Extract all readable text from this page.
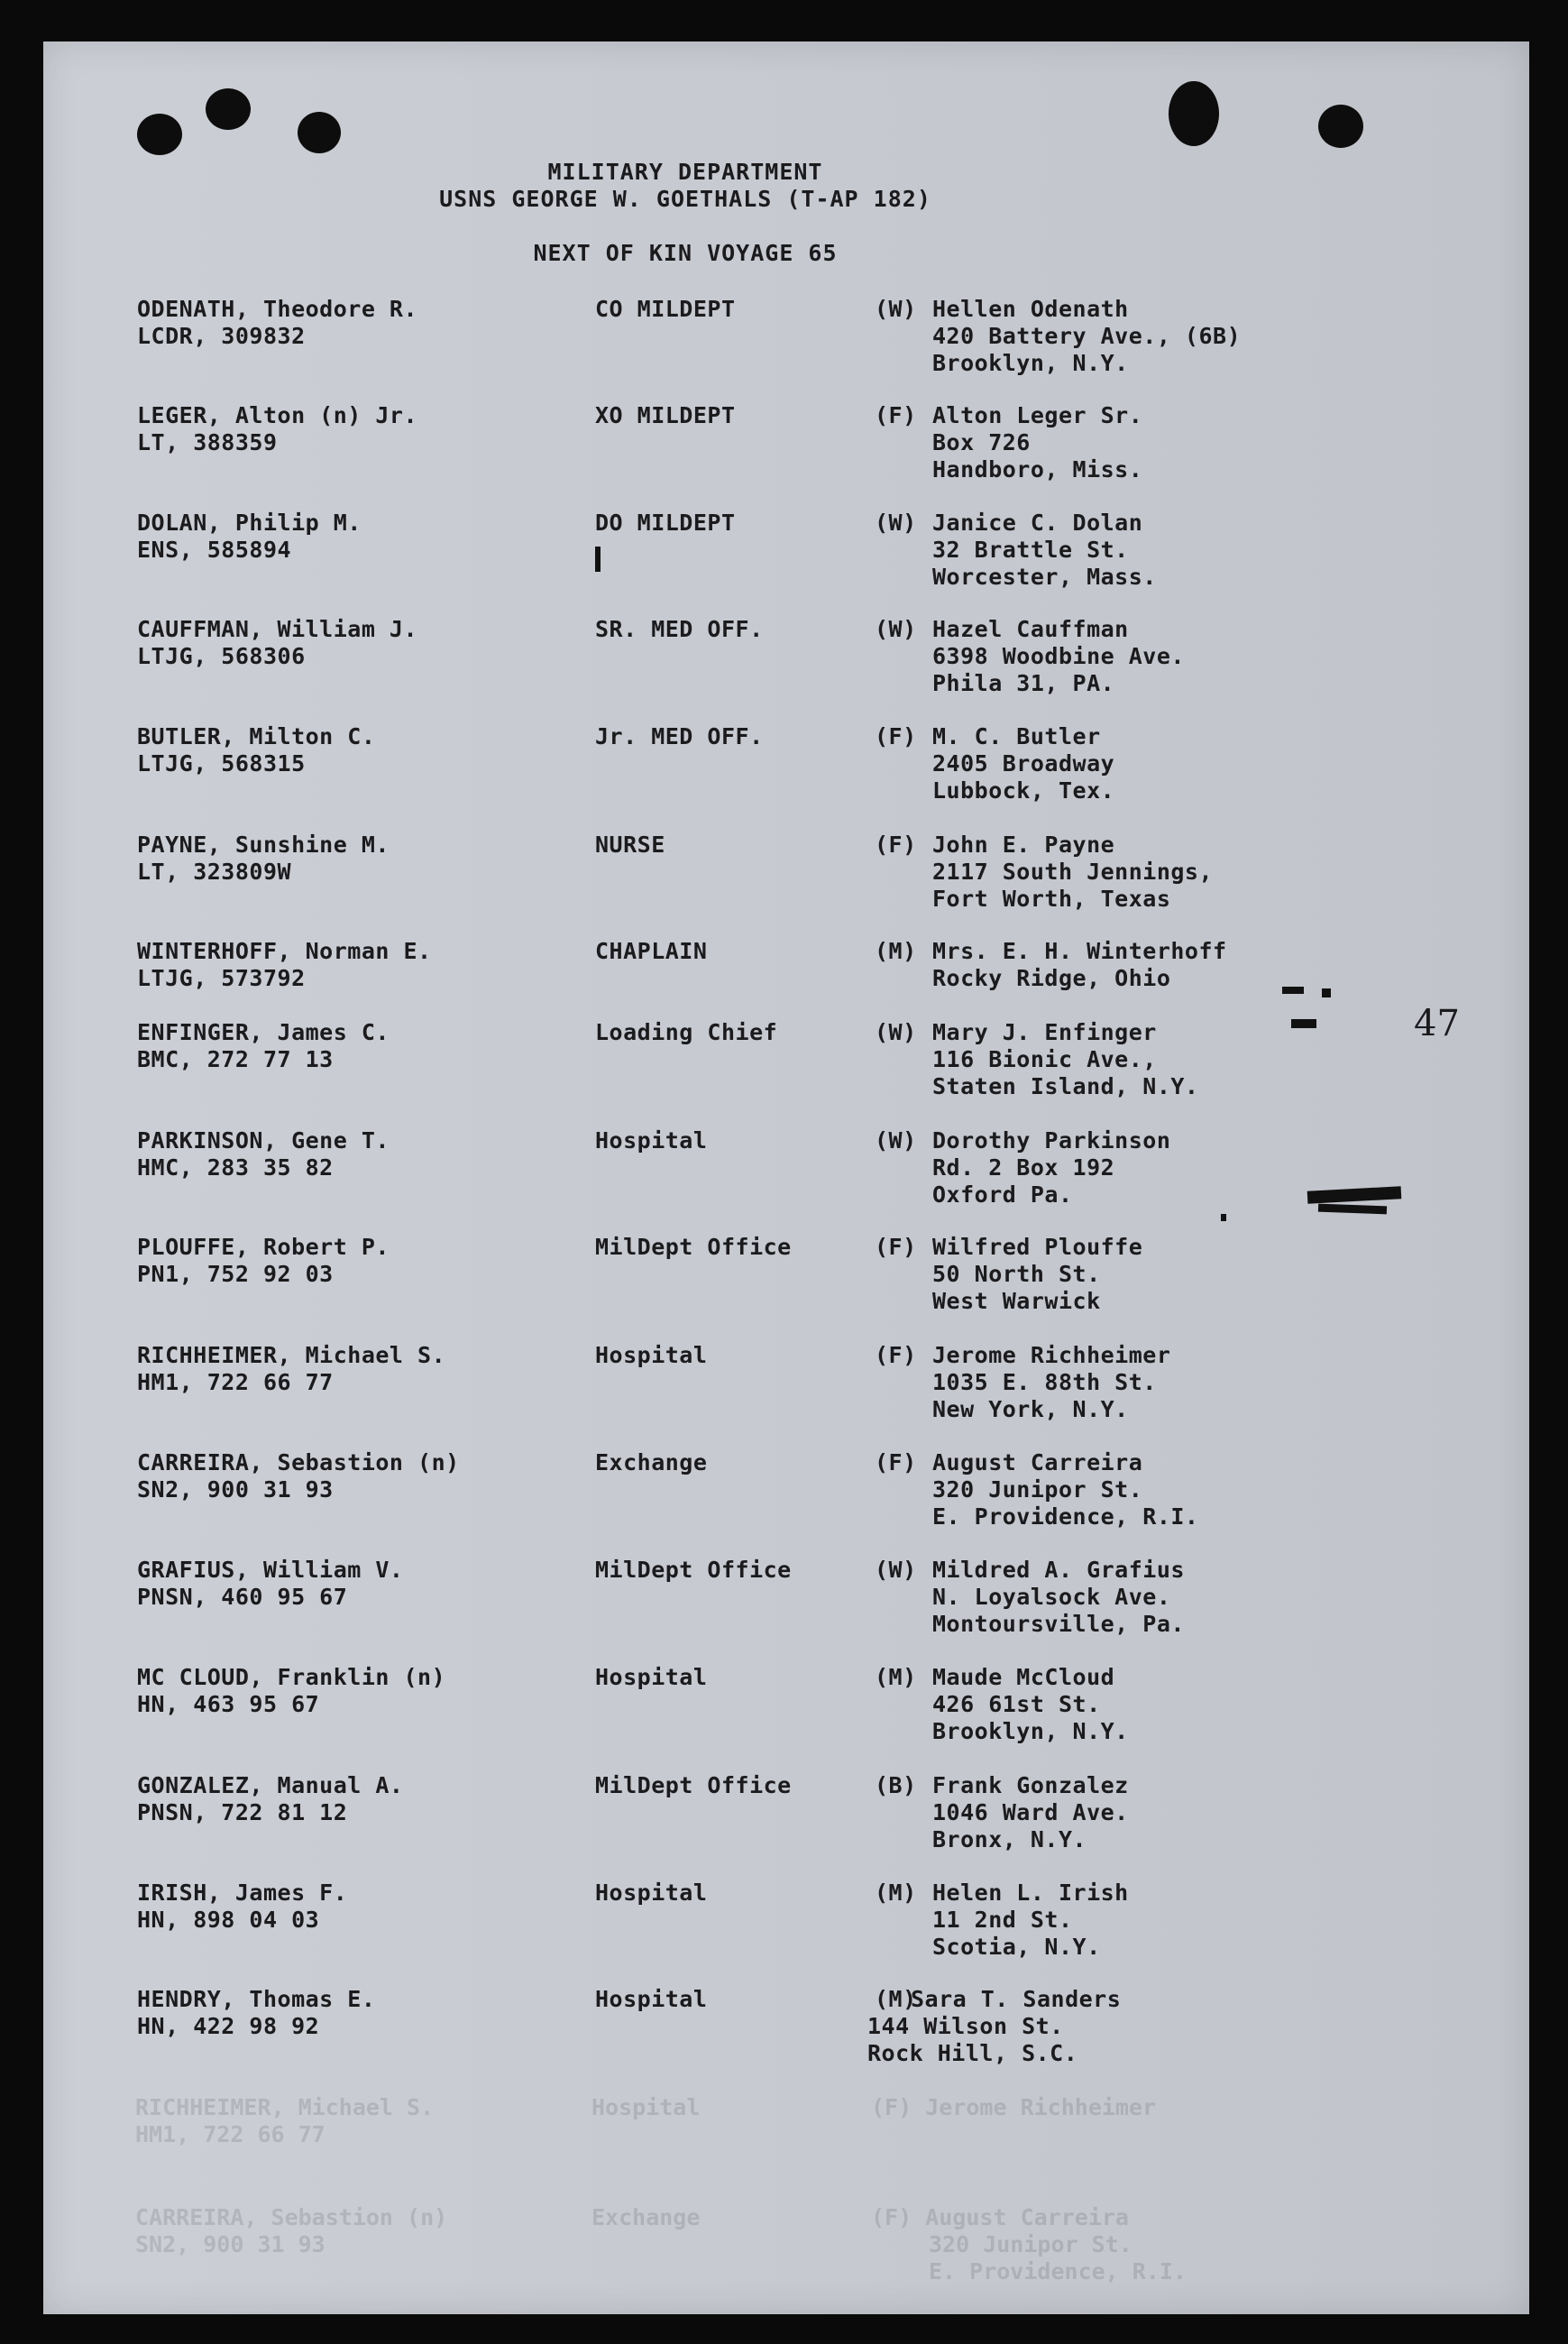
MILITARY DEPARTMENT
USNS GEORGE W. GOETHALS (T-AP 182)
NEXT OF KIN VOYAGE 65
ODENATH, Theodore R.
LCDR, 309832
CO MILDEPT	(W) Hellen Odenath
420 Battery Ave., (6B)
Brooklyn, N.Y.
LEGER, Alton (n) Jr.
LT, 388359
XO MILDEPT	(F) Alton Leger Sr.
Box 726
Handboro, Miss.
DOLAN, Philip M.
ENS, 585894
DO MILDEPT	(W) Janice C. Dolan
32 Brattle St.
Worcester, Mass.
CAUFFMAN, William J.
LTJG, 568306
SR. MED OFF.	(W) Hazel Cauffman
6398 Woodbine Ave.
Phila 31, PA.
BUTLER, Milton C.
LTJG, 568315
Jr. MED OFF.	(F) M. C. Butler
2405 Broadway
Lubbock, Tex.
PAYNE, Sunshine M.
LT, 323809W
NURSE	(F) John E. Payne
2117 South Jennings,
Fort Worth, Texas
WINTERHOFF, Norman E.
LTJG, 573792
CHAPLAIN	(M) Mrs. E. H. Winterhoff
Rocky Ridge, Ohio
ENFINGER, James C.
BMC, 272 77 13
Loading Chief	(W) Mary J. Enfinger
116 Bionic Ave.,
Staten Island, N.Y.
PARKINSON, Gene T.
HMC, 283 35 82
Hospital	(W) Dorothy Parkinson
Rd. 2 Box 192
Oxford Pa.
PLOUFFE, Robert P.
PN1, 752 92 03
MilDept Office	(F) Wilfred Plouffe
50 North St.
West Warwick
RICHHEIMER, Michael S.
HM1, 722 66 77
Hospital	(F) Jerome Richheimer
1035 E. 88th St.
New York, N.Y.
CARREIRA, Sebastion (n)
SN2, 900 31 93
Exchange	(F) August Carreira
320 Junipor St.
E. Providence, R.I.
GRAFIUS, William V.
PNSN, 460 95 67
MilDept Office	(W) Mildred A. Grafius
N. Loyalsock Ave.
Montoursville, Pa.
MC CLOUD, Franklin (n)
HN, 463 95 67
Hospital	(M) Maude McCloud
426 61st St.
Brooklyn, N.Y.
GONZALEZ, Manual A.
PNSN, 722 81 12
MilDept Office	(B) Frank Gonzalez
1046 Ward Ave.
Bronx, N.Y.
IRISH, James F.
HN, 898 04 03
Hospital	(M) Helen L. Irish
11 2nd St.
Scotia, N.Y.
HENDRY, Thomas E.
HN, 422 98 92
Hospital	(M)
Sara T. Sanders
144 Wilson St.
Rock Hill, S.C.
RICHHEIMER, Michael S.
HM1, 722 66 77
Hospital	(F) Jerome Richheimer
CARREIRA, Sebastion (n)
SN2, 900 31 93
Exchange	(F) August Carreira
320 Junipor St.
E. Providence, R.I.
47
